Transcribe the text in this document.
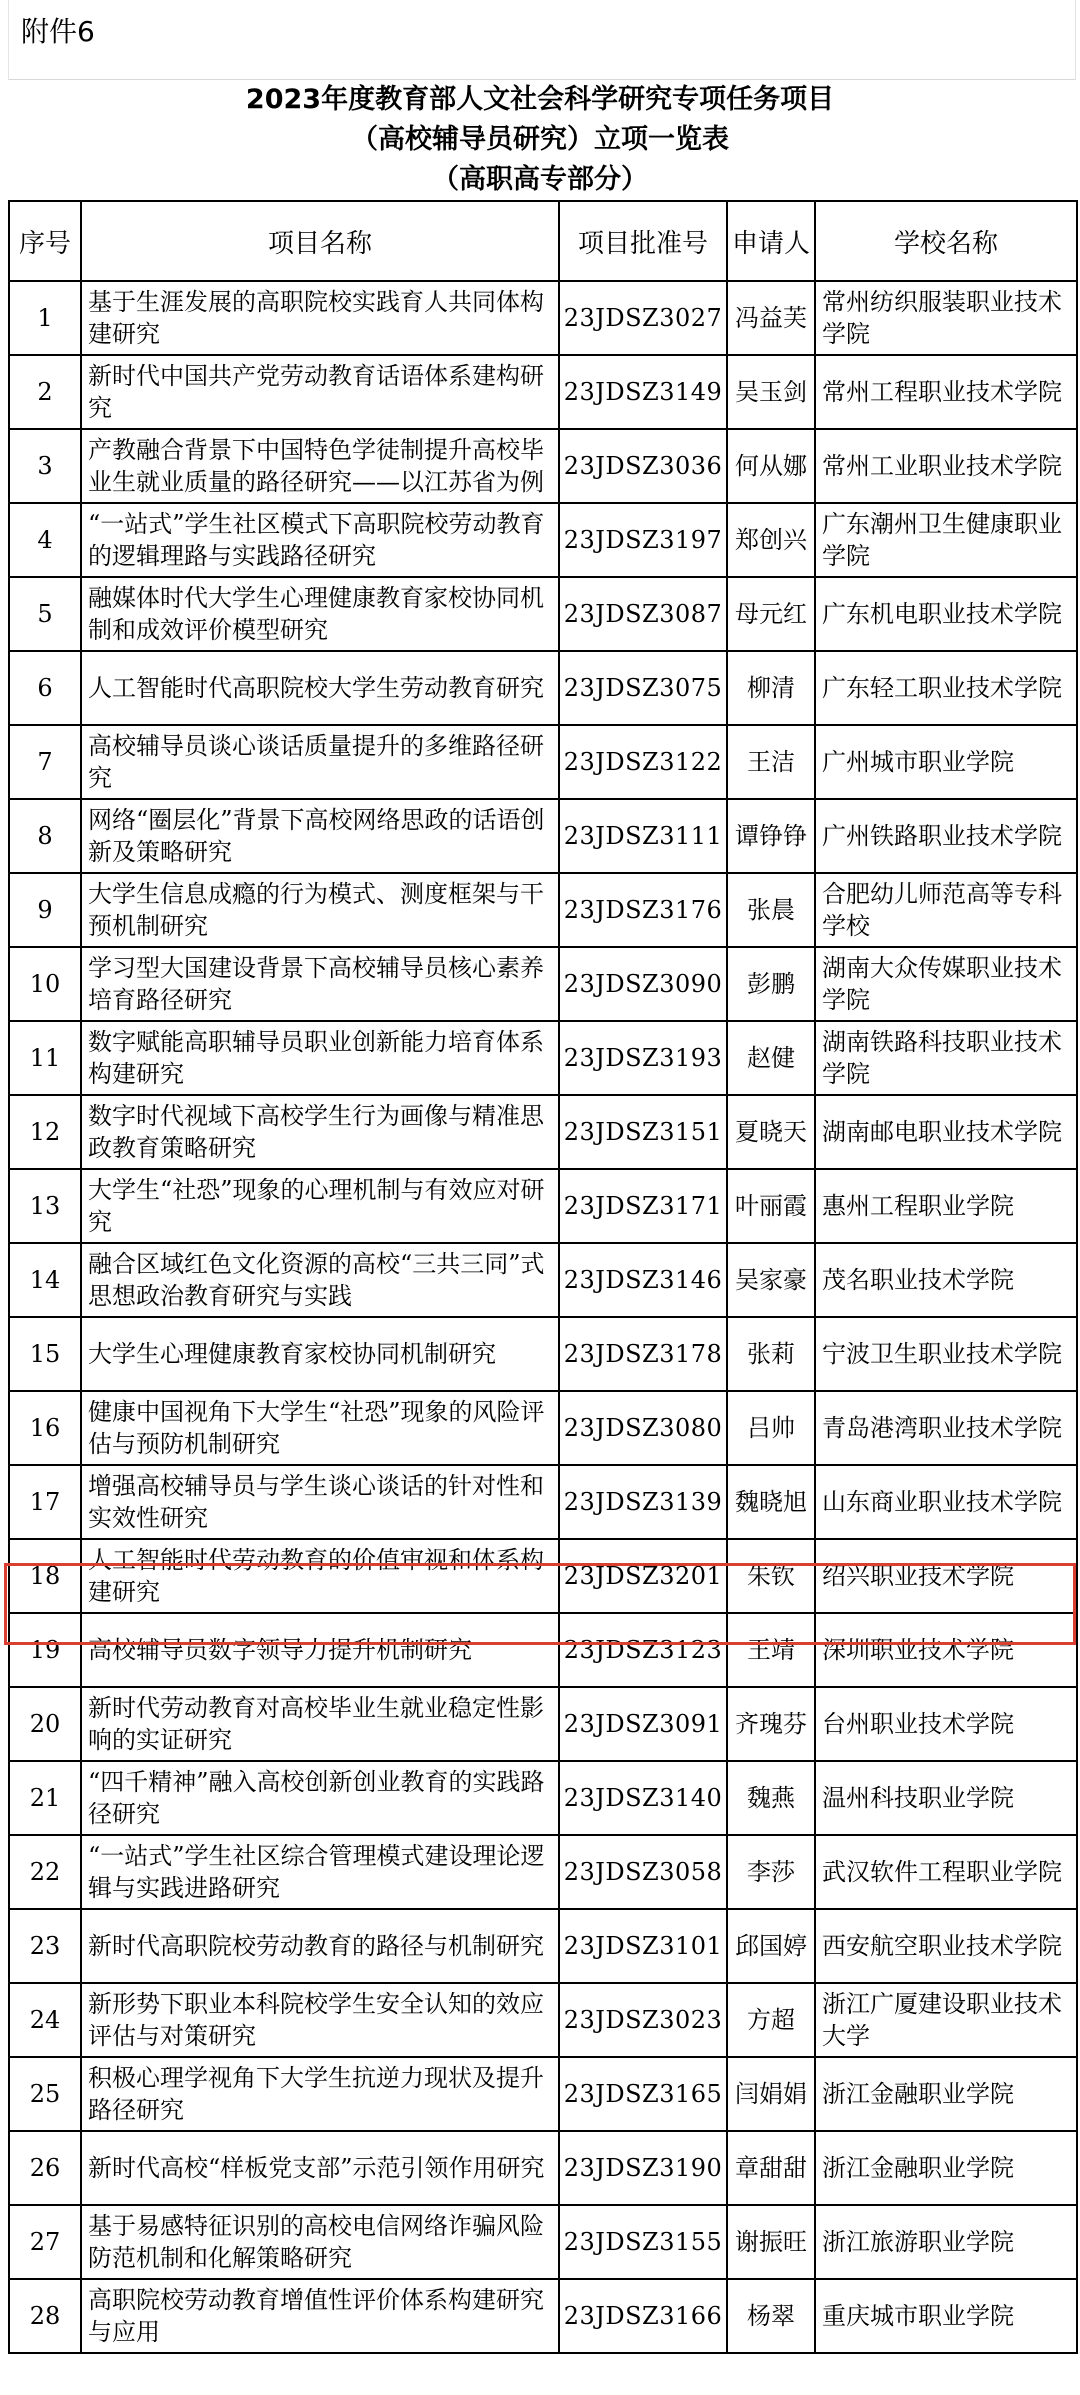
附件6
2023年度教育部人文社会科学研究专项任务项目
（高校辅导员研究）立项一览表
（高职高专部分）
序号	项目名称	项目批准号	申请人	学校名称
1	基于生涯发展的高职院校实践育人共同体构建研究	23JDSZ3027	冯益芙	常州纺织服装职业技术学院
2	新时代中国共产党劳动教育话语体系建构研究	23JDSZ3149	吴玉剑	常州工程职业技术学院
3	产教融合背景下中国特色学徒制提升高校毕业生就业质量的路径研究——以江苏省为例	23JDSZ3036	何从娜	常州工业职业技术学院
4	“一站式”学生社区模式下高职院校劳动教育的逻辑理路与实践路径研究	23JDSZ3197	郑创兴	广东潮州卫生健康职业学院
5	融媒体时代大学生心理健康教育家校协同机制和成效评价模型研究	23JDSZ3087	母元红	广东机电职业技术学院
6	人工智能时代高职院校大学生劳动教育研究	23JDSZ3075	柳清	广东轻工职业技术学院
7	高校辅导员谈心谈话质量提升的多维路径研究	23JDSZ3122	王洁	广州城市职业学院
8	网络“圈层化”背景下高校网络思政的话语创新及策略研究	23JDSZ3111	谭铮铮	广州铁路职业技术学院
9	大学生信息成瘾的行为模式、测度框架与干预机制研究	23JDSZ3176	张晨	合肥幼儿师范高等专科学校
10	学习型大国建设背景下高校辅导员核心素养培育路径研究	23JDSZ3090	彭鹏	湖南大众传媒职业技术学院
11	数字赋能高职辅导员职业创新能力培育体系构建研究	23JDSZ3193	赵健	湖南铁路科技职业技术学院
12	数字时代视域下高校学生行为画像与精准思政教育策略研究	23JDSZ3151	夏晓天	湖南邮电职业技术学院
13	大学生“社恐”现象的心理机制与有效应对研究	23JDSZ3171	叶丽霞	惠州工程职业学院
14	融合区域红色文化资源的高校“三共三同”式思想政治教育研究与实践	23JDSZ3146	吴家豪	茂名职业技术学院
15	大学生心理健康教育家校协同机制研究	23JDSZ3178	张莉	宁波卫生职业技术学院
16	健康中国视角下大学生“社恐”现象的风险评估与预防机制研究	23JDSZ3080	吕帅	青岛港湾职业技术学院
17	增强高校辅导员与学生谈心谈话的针对性和实效性研究	23JDSZ3139	魏晓旭	山东商业职业技术学院
18	人工智能时代劳动教育的价值审视和体系构建研究	23JDSZ3201	朱钦	绍兴职业技术学院
19	高校辅导员数字领导力提升机制研究	23JDSZ3123	王靖	深圳职业技术学院
20	新时代劳动教育对高校毕业生就业稳定性影响的实证研究	23JDSZ3091	齐瑰芬	台州职业技术学院
21	“四千精神”融入高校创新创业教育的实践路径研究	23JDSZ3140	魏燕	温州科技职业学院
22	“一站式”学生社区综合管理模式建设理论逻辑与实践进路研究	23JDSZ3058	李莎	武汉软件工程职业学院
23	新时代高职院校劳动教育的路径与机制研究	23JDSZ3101	邱国婷	西安航空职业技术学院
24	新形势下职业本科院校学生安全认知的效应评估与对策研究	23JDSZ3023	方超	浙江广厦建设职业技术大学
25	积极心理学视角下大学生抗逆力现状及提升路径研究	23JDSZ3165	闫娟娟	浙江金融职业学院
26	新时代高校“样板党支部”示范引领作用研究	23JDSZ3190	章甜甜	浙江金融职业学院
27	基于易感特征识别的高校电信网络诈骗风险防范机制和化解策略研究	23JDSZ3155	谢振旺	浙江旅游职业学院
28	高职院校劳动教育增值性评价体系构建研究与应用	23JDSZ3166	杨翠	重庆城市职业学院
